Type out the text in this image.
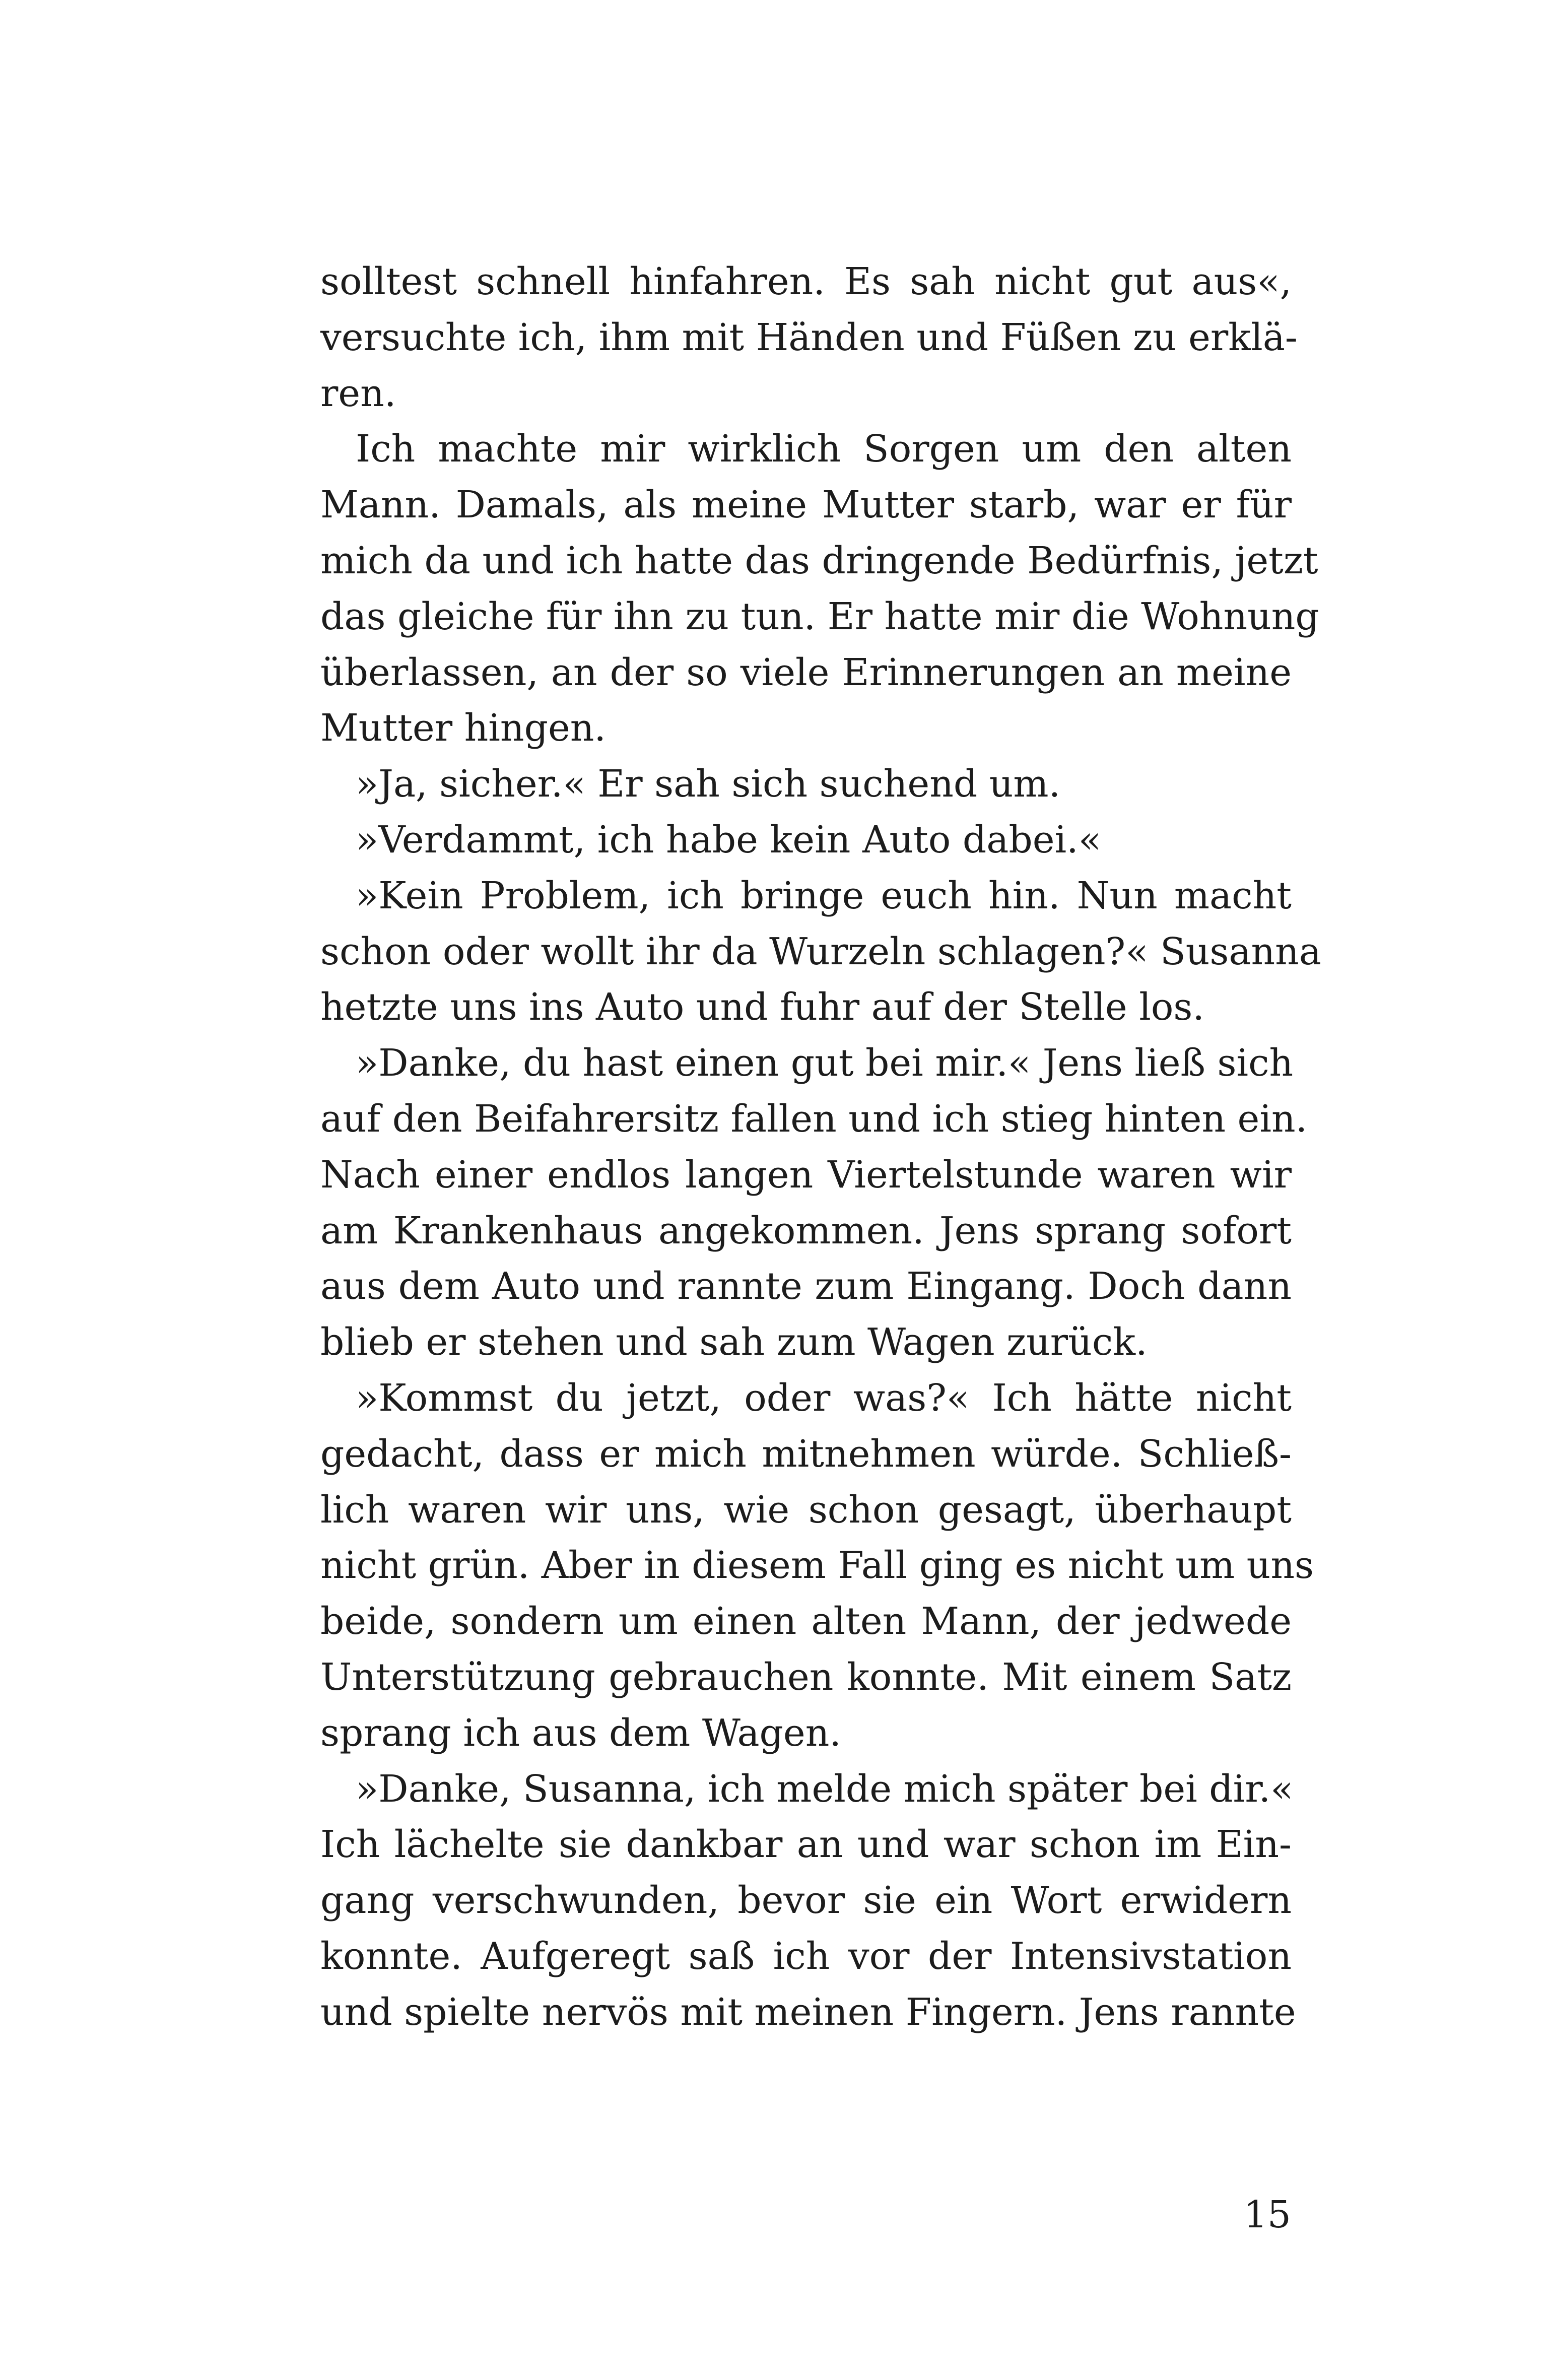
solltest schnell hinfahren. Es sah nicht gut aus«,
versuchte ich, ihm mit Händen und Füßen zu erklä-
ren.
Ich machte mir wirklich Sorgen um den alten
Mann. Damals, als meine Mutter starb, war er für
mich da und ich hatte das dringende Bedürfnis, jetzt
das gleiche für ihn zu tun. Er hatte mir die Wohnung
überlassen, an der so viele Erinnerungen an meine
Mutter hingen.
»Ja, sicher.« Er sah sich suchend um.
»Verdammt, ich habe kein Auto dabei.«
»Kein Problem, ich bringe euch hin. Nun macht
schon oder wollt ihr da Wurzeln schlagen?« Susanna
hetzte uns ins Auto und fuhr auf der Stelle los.
»Danke, du hast einen gut bei mir.« Jens ließ sich
auf den Beifahrersitz fallen und ich stieg hinten ein.
Nach einer endlos langen Viertelstunde waren wir
am Krankenhaus angekommen. Jens sprang sofort
aus dem Auto und rannte zum Eingang. Doch dann
blieb er stehen und sah zum Wagen zurück.
»Kommst du jetzt, oder was?« Ich hätte nicht
gedacht, dass er mich mitnehmen würde. Schließ-
lich waren wir uns, wie schon gesagt, überhaupt
nicht grün. Aber in diesem Fall ging es nicht um uns
beide, sondern um einen alten Mann, der jedwede
Unterstützung gebrauchen konnte. Mit einem Satz
sprang ich aus dem Wagen.
»Danke, Susanna, ich melde mich später bei dir.«
Ich lächelte sie dankbar an und war schon im Ein-
gang verschwunden, bevor sie ein Wort erwidern
konnte. Aufgeregt saß ich vor der Intensivstation
und spielte nervös mit meinen Fingern. Jens rannte
15
